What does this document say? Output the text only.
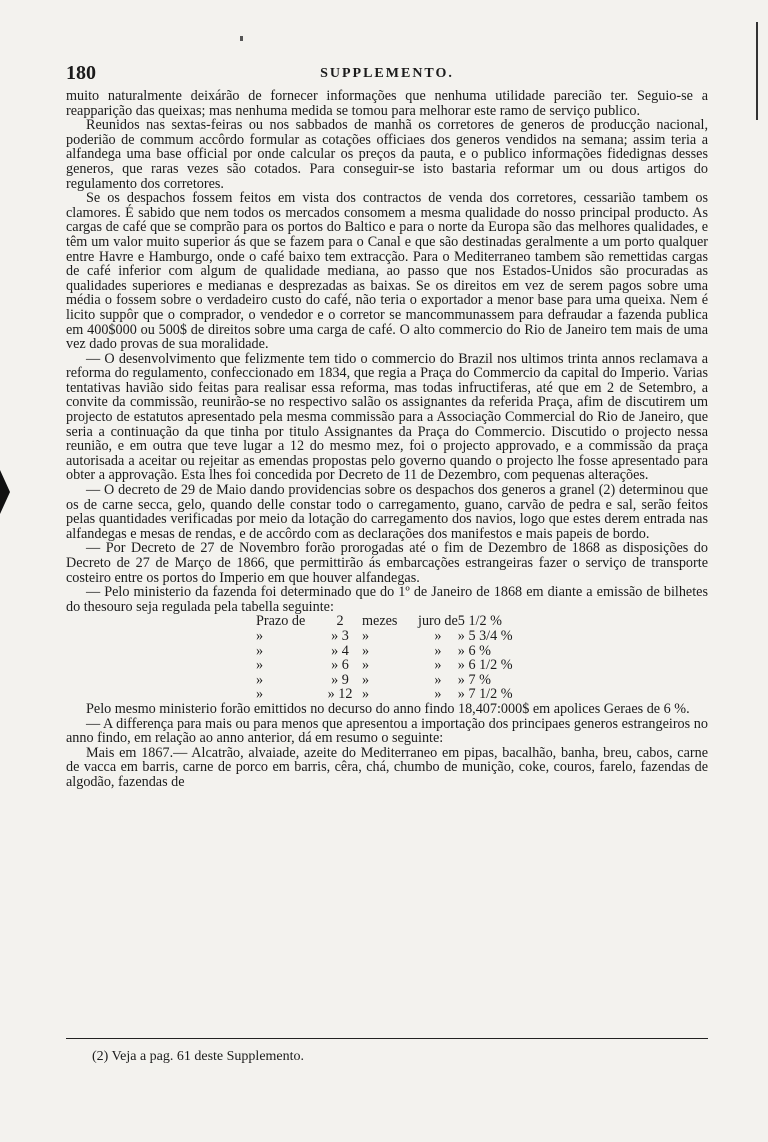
180	SUPPLEMENTO.

muito naturalmente deixárão de fornecer informações que nenhuma utilidade parecião ter. Seguio-se a reapparição das queixas; mas nenhuma medida se tomou para melhorar este ramo de serviço publico.

Reunidos nas sextas-feiras ou nos sabbados de manhã os corretores de generos de producção nacional, poderião de commum accôrdo formular as cotações officiaes dos generos vendidos na semana; assim teria a alfandega uma base official por onde calcular os preços da pauta, e o publico informações fidedignas desses generos, que raras vezes são cotados. Para conseguir-se isto bastaria reformar um ou dous artigos do regulamento dos corretores.

Se os despachos fossem feitos em vista dos contractos de venda dos corretores, cessarião tambem os clamores. É sabido que nem todos os mercados consomem a mesma qualidade do nosso principal producto. As cargas de café que se comprão para os portos do Baltico e para o norte da Europa são das melhores qualidades, e têm um valor muito superior ás que se fazem para o Canal e que são destinadas geralmente a um porto qualquer entre Havre e Hamburgo, onde o café baixo tem extracção. Para o Mediterraneo tambem são remettidas cargas de café inferior com algum de qualidade mediana, ao passo que nos Estados-Unidos são procuradas as qualidades superiores e medianas e desprezadas as baixas. Se os direitos em vez de serem pagos sobre uma média o fossem sobre o verdadeiro custo do café, não teria o exportador a menor base para uma queixa. Nem é licito suppôr que o comprador, o vendedor e o corretor se mancommunassem para defraudar a fazenda publica em 400$000 ou 500$ de direitos sobre uma carga de café. O alto commercio do Rio de Janeiro tem mais de uma vez dado provas de sua moralidade.

— O desenvolvimento que felizmente tem tido o commercio do Brazil nos ultimos trinta annos reclamava a reforma do regulamento, confeccionado em 1834, que regia a Praça do Commercio da capital do Imperio. Varias tentativas havião sido feitas para realisar essa reforma, mas todas infructiferas, até que em 2 de Setembro, a convite da commissão, reunirão-se no respectivo salão os assignantes da referida Praça, afim de discutirem um projecto de estatutos apresentado pela mesma commissão para a Associação Commercial do Rio de Janeiro, que seria a continuação da que tinha por titulo Assignantes da Praça do Commercio. Discutido o projecto nessa reunião, e em outra que teve lugar a 12 do mesmo mez, foi o projecto approvado, e a commissão da praça autorisada a aceitar ou rejeitar as emendas propostas pelo governo quando o projecto lhe fosse apresentado para obter a approvação. Esta lhes foi concedida por Decreto de 11 de Dezembro, com pequenas alterações.

— O decreto de 29 de Maio dando providencias sobre os despachos dos generos a granel (2) determinou que os de carne secca, gelo, quando delle constar todo o carregamento, guano, carvão de pedra e sal, serão feitos pelas quantidades verificadas por meio da lotação do carregamento dos navios, logo que estes derem entrada nas alfandegas e mesas de rendas, e de accôrdo com as declarações dos manifestos e mais papeis de bordo.

— Por Decreto de 27 de Novembro forão prorogadas até o fim de Dezembro de 1868 as disposições do Decreto de 27 de Março de 1866, que permittirão ás embarcações estrangeiras fazer o serviço de transporte costeiro entre os portos do Imperio em que houver alfandegas.

— Pelo ministerio da fazenda foi determinado que do 1º de Janeiro de 1868 em diante a emissão de bilhetes do thesouro seja regulada pela tabella seguinte:

Prazo de	2	mezes	juro de	5 1/2 %
»	» 3	»	»	» 5 3/4 %
»	» 4	»	»	» 6 %
»	» 6	»	»	» 6 1/2 %
»	» 9	»	»	» 7 %
»	» 12	»	»	» 7 1/2 %

Pelo mesmo ministerio forão emittidos no decurso do anno findo 18,407:000$ em apolices Geraes de 6 %.

— A differença para mais ou para menos que apresentou a importação dos principaes generos estrangeiros no anno findo, em relação ao anno anterior, dá em resumo o seguinte:

Mais em 1867.— Alcatrão, alvaiade, azeite do Mediterraneo em pipas, bacalhão, banha, breu, cabos, carne de vacca em barris, carne de porco em barris, cêra, chá, chumbo de munição, coke, couros, farelo, fazendas de algodão, fazendas de

(2) Veja a pag. 61 deste Supplemento.
